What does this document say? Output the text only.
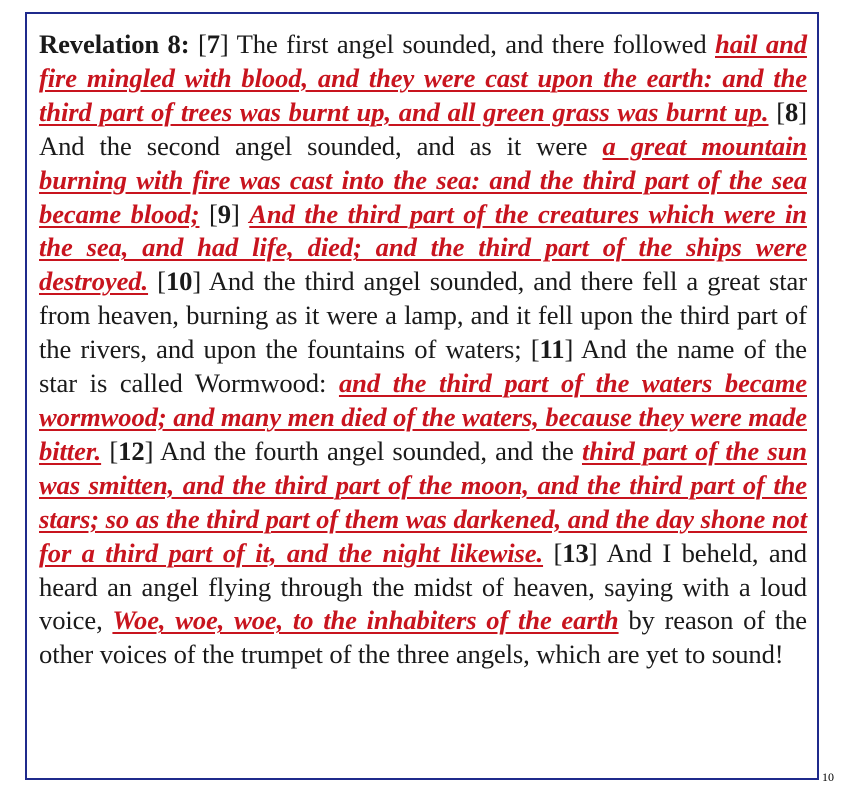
Revelation 8: [7] The first angel sounded, and there followed hail and fire mingled with blood, and they were cast upon the earth: and the third part of trees was burnt up, and all green grass was burnt up. [8] And the second angel sounded, and as it were a great mountain burning with fire was cast into the sea: and the third part of the sea became blood; [9] And the third part of the creatures which were in the sea, and had life, died; and the third part of the ships were destroyed. [10] And the third angel sounded, and there fell a great star from heaven, burning as it were a lamp, and it fell upon the third part of the rivers, and upon the fountains of waters; [11] And the name of the star is called Wormwood: and the third part of the waters became wormwood; and many men died of the waters, because they were made bitter. [12] And the fourth angel sounded, and the third part of the sun was smitten, and the third part of the moon, and the third part of the stars; so as the third part of them was darkened, and the day shone not for a third part of it, and the night likewise. [13] And I beheld, and heard an angel flying through the midst of heaven, saying with a loud voice, Woe, woe, woe, to the inhabiters of the earth by reason of the other voices of the trumpet of the three angels, which are yet to sound!

10
